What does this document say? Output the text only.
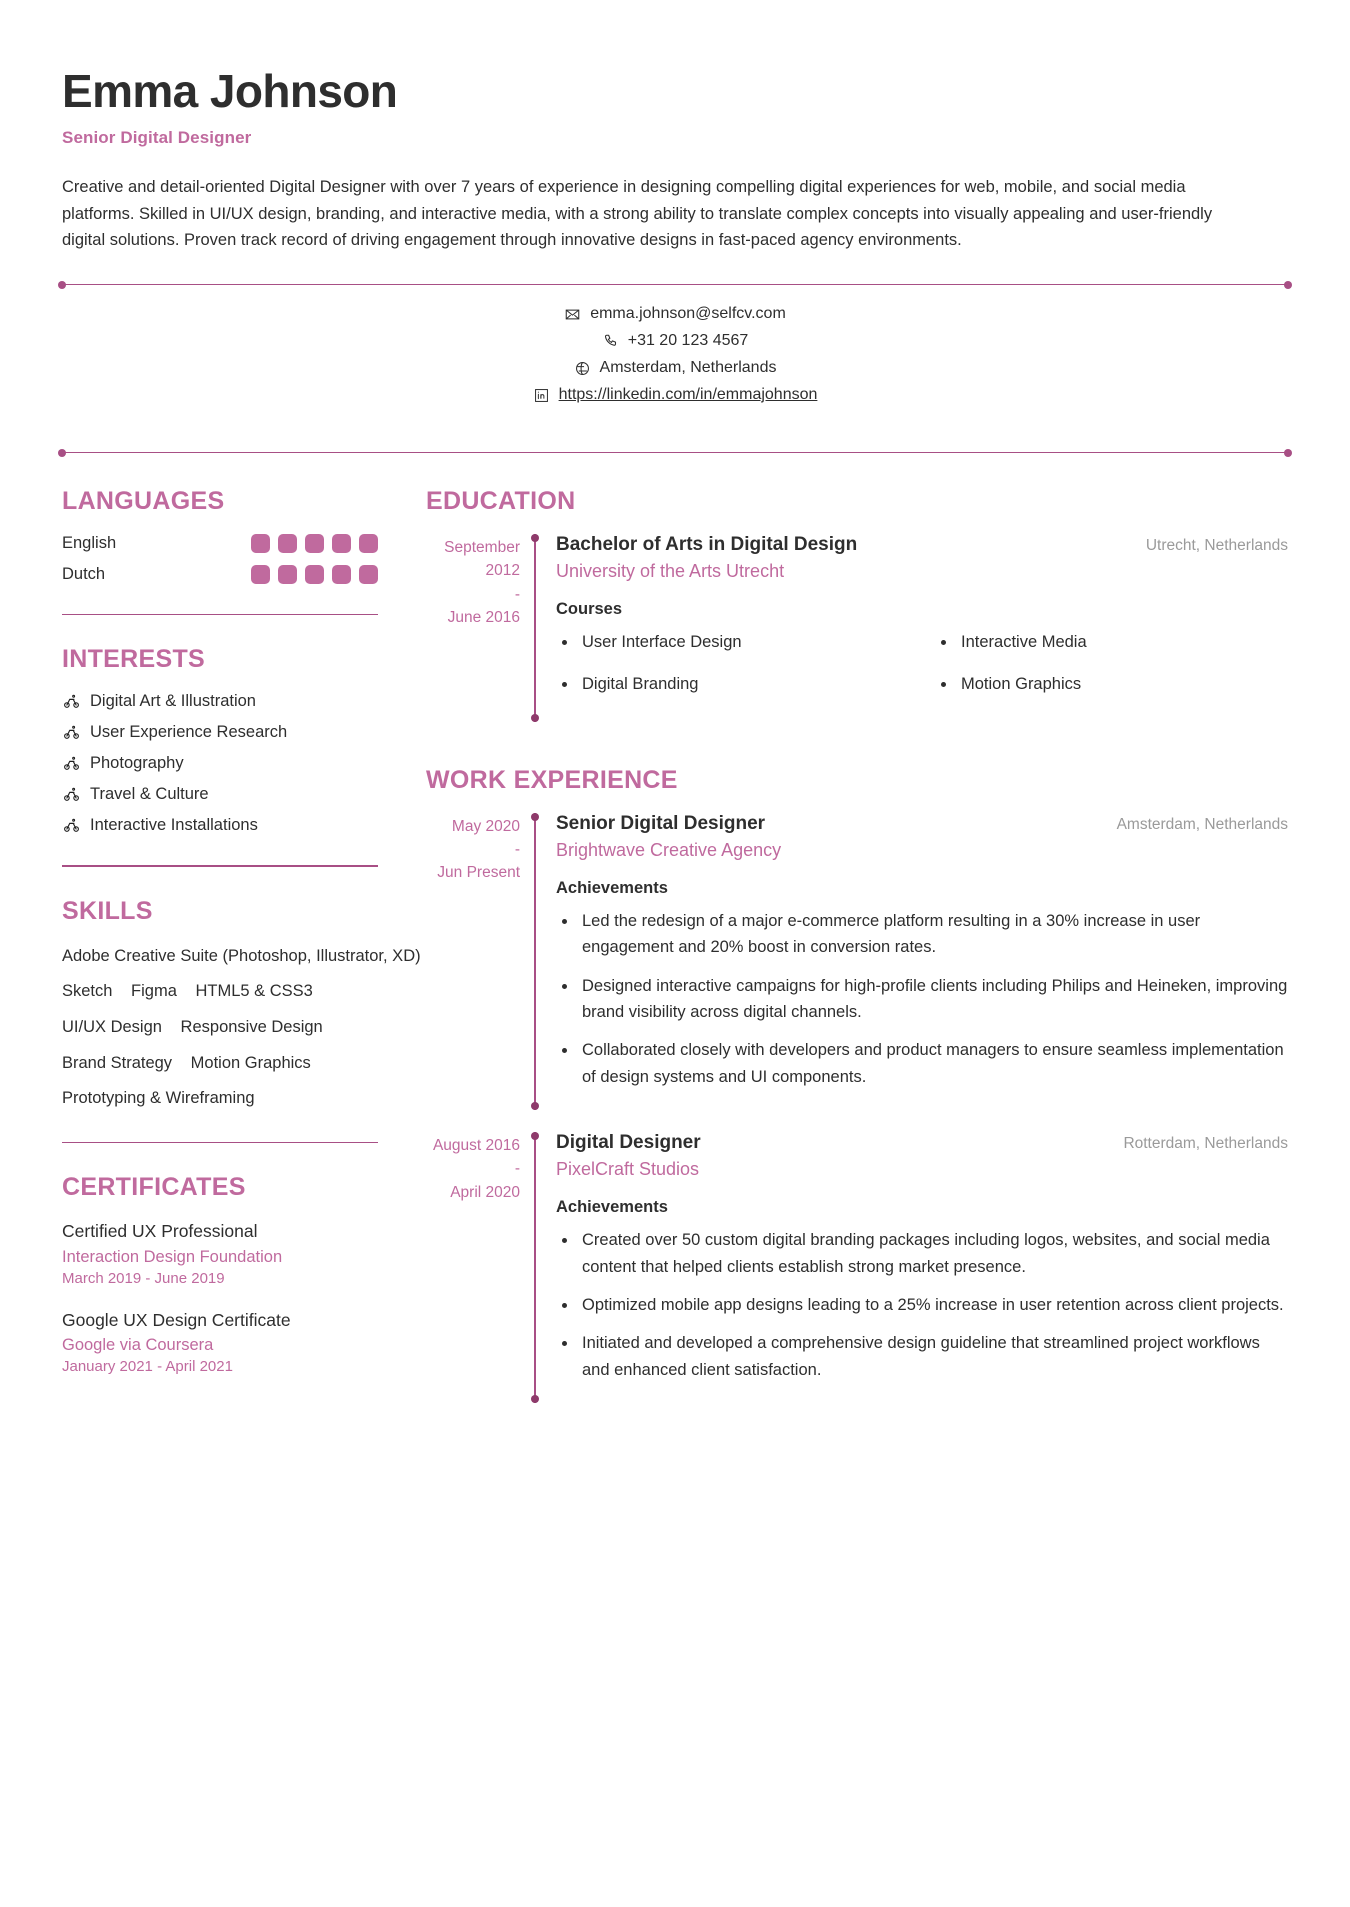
Emma Johnson
Senior Digital Designer
Creative and detail-oriented Digital Designer with over 7 years of experience in designing compelling digital experiences for web, mobile, and social media platforms. Skilled in UI/UX design, branding, and interactive media, with a strong ability to translate complex concepts into visually appealing and user-friendly digital solutions. Proven track record of driving engagement through innovative designs in fast-paced agency environments.
emma.johnson@selfcv.com
+31 20 123 4567
Amsterdam, Netherlands
https://linkedin.com/in/emmajohnson
LANGUAGES
English
Dutch
INTERESTS
Digital Art & Illustration
User Experience Research
Photography
Travel & Culture
Interactive Installations
SKILLS
Adobe Creative Suite (Photoshop, Illustrator, XD)
Sketch Figma HTML5 & CSS3
UI/UX Design Responsive Design
Brand Strategy Motion Graphics
Prototyping & Wireframing
CERTIFICATES
Certified UX Professional
Interaction Design Foundation
March 2019 - June 2019
Google UX Design Certificate
Google via Coursera
January 2021 - April 2021
EDUCATION
September 2012
-
June 2016
Bachelor of Arts in Digital Design	Utrecht, Netherlands
University of the Arts Utrecht
Courses
User Interface Design	Interactive Media
Digital Branding	Motion Graphics
WORK EXPERIENCE
May 2020
-
Jun Present
Senior Digital Designer	Amsterdam, Netherlands
Brightwave Creative Agency
Achievements
Led the redesign of a major e-commerce platform resulting in a 30% increase in user engagement and 20% boost in conversion rates.
Designed interactive campaigns for high-profile clients including Philips and Heineken, improving brand visibility across digital channels.
Collaborated closely with developers and product managers to ensure seamless implementation of design systems and UI components.
August 2016
-
April 2020
Digital Designer	Rotterdam, Netherlands
PixelCraft Studios
Achievements
Created over 50 custom digital branding packages including logos, websites, and social media content that helped clients establish strong market presence.
Optimized mobile app designs leading to a 25% increase in user retention across client projects.
Initiated and developed a comprehensive design guideline that streamlined project workflows and enhanced client satisfaction.
